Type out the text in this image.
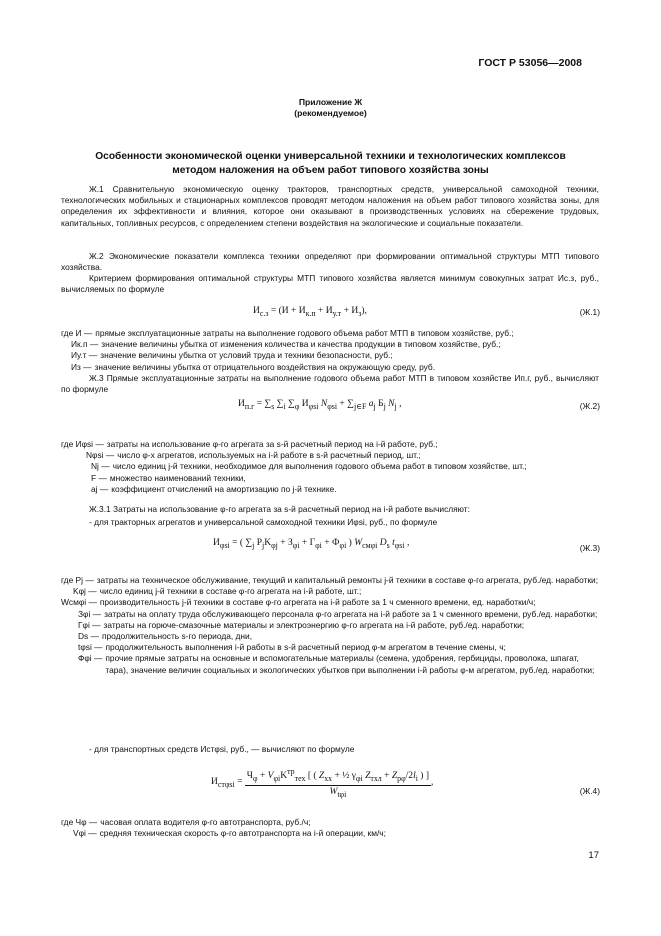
ГОСТ Р 53056—2008
Приложение Ж
(рекомендуемое)
Особенности экономической оценки универсальной техники и технологических комплексов методом наложения на объем работ типового хозяйства зоны
Ж.1 Сравнительную экономическую оценку тракторов, транспортных средств, универсальной самоходной техники, технологических мобильных и стационарных комплексов проводят методом наложения на объем работ типового хозяйства зоны, для определения их эффективности и влияния, которое они оказывают в производственных условиях на сбережение трудовых, капитальных, топливных ресурсов, с определением степени воздействия на экологические и социальные показатели.
Ж.2 Экономические показатели комплекса техники определяют при формировании оптимальной структуры МТП типового хозяйства.
Критерием формирования оптимальной структуры МТП типового хозяйства является минимум совокупных затрат Ис.з, руб., вычисляемых по формуле
$И_{с.з} = (И + И_{к.п} + И_{у.т} + И_з)$,	(Ж.1)
где И — прямые эксплуатационные затраты на выполнение годового объема работ МТП в типовом хозяйстве, руб.;
Ик.п — значение величины убытка от изменения количества и качества продукции в типовом хозяйстве, руб.;
Иу.т — значение величины убытка от условий труда и техники безопасности, руб.;
Из — значение величины убытка от отрицательного воздействия на окружающую среду, руб.
Ж.3 Прямые эксплуатационные затраты на выполнение годового объема работ МТП в типовом хозяйстве Ип.г, руб., вычисляют по формуле
$И_{п.г} = \sum_s$ $\sum_i$ $\sum_\varphi$ $И_{\varphi si}$ $N_{\varphi si} + \sum_{j\in F}$ $a_j$ $Б_j$ $N_j$ ,	(Ж.2)
где Иφsi — затраты на использование φ-го агрегата за s-й расчетный период на i-й работе, руб.;
Nφsi — число φ-х агрегатов, используемых на i-й работе в s-й расчетный период, шт.;
Nj — число единиц j-й техники, необходимое для выполнения годового объема работ в типовом хозяйстве, шт.;
F — множество наименований техники,
aj — коэффициент отчислений на амортизацию по j-й технике.
Ж.3.1 Затраты на использование φ-го агрегата за s-й расчетный период на i-й работе вычисляют:
- для тракторных агрегатов и универсальной самоходной техники Иφsi, руб., по формуле
$И_{\varphi si}$ = ( $\sum_j$ $P_jK_{\varphi j} + З_{\varphi i} + Г_{\varphi i} + Ф_{\varphi i}$ ) $W_{см\varphi i}$ $D_s$ $t_{\varphi si}$ ,	(Ж.3)
где Pj — затраты на техническое обслуживание, текущий и капитальный ремонты j-й техники в составе φ-го агрегата, руб./ед. наработки;
Kφj — число единиц j-й техники в составе φ-го агрегата на i-й работе, шт.;
Wсмφi — производительность j-й техники в составе φ-го агрегата на i-й работе за 1 ч сменного времени, ед. наработки/ч;
Зφi — затраты на оплату труда обслуживающего персонала φ-го агрегата на i-й работе за 1 ч сменного времени, руб./ед. наработки;
Гφi — затраты на горюче-смазочные материалы и электроэнергию φ-го агрегата на i-й работе, руб./ед. наработки;
Ds — продолжительность s-го периода, дни,
tφsi — продолжительность выполнения i-й работы в s-й расчетный период φ-м агрегатом в течение смены, ч;
Фφi — прочие прямые затраты на основные и вспомогательные материалы (семена, удобрения, гербициды, проволока, шпагат, тара), значение величин социальных и экологических убытков при выполнении i-й работы φ-м агрегатом, руб./ед. наработки;
- для транспортных средств Истφsi, руб., — вычисляют по формуле
$И_{ст\varphi si} = \frac{Ч_\varphi + V_{\varphi i}K^{тр}_{тех} [ ( Z_{хх} + \frac{1}{2} \gamma_{\varphi i} Z_{тхл} + Z_{р\varphi}/2l_i ) ]}{W_{t\varphi i}}$ ,
(Ж.4)
где Чφ — часовая оплата водителя φ-го автотранспорта, руб./ч;
Vφi — средняя техническая скорость φ-го автотранспорта на i-й операции, км/ч;
17
